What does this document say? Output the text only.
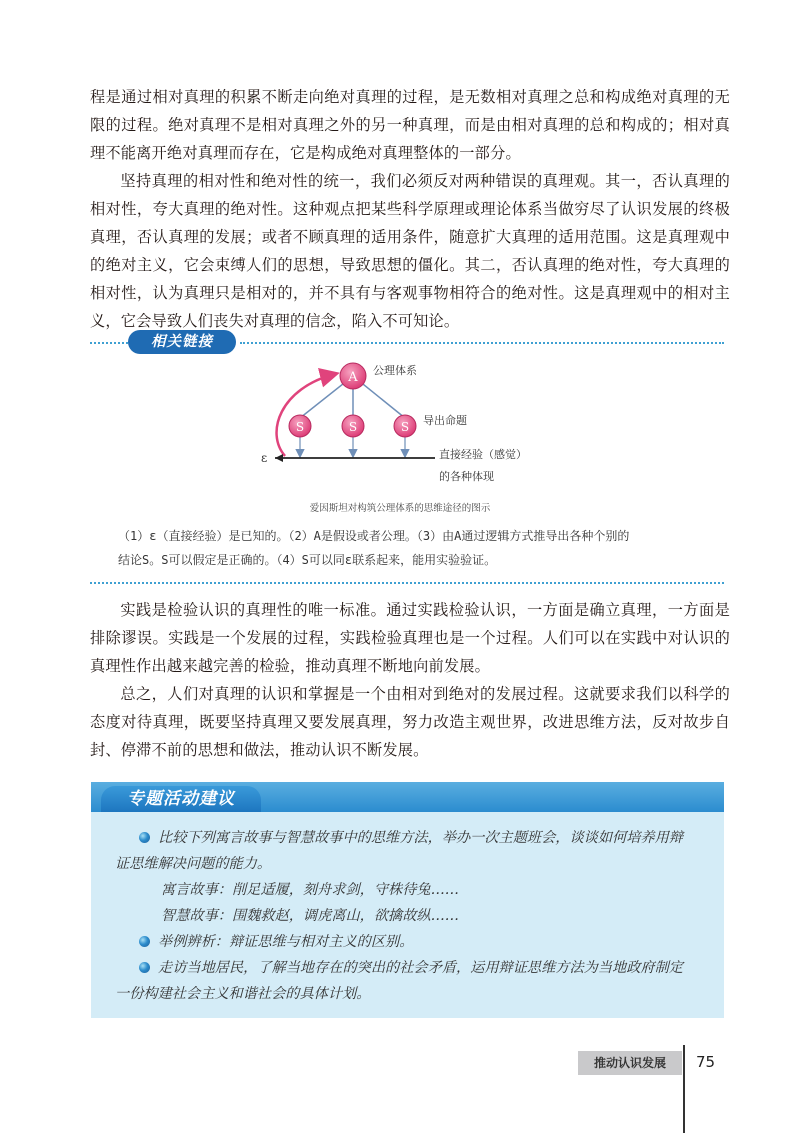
程是通过相对真理的积累不断走向绝对真理的过程，是无数相对真理之总和构成绝对真理的无限的过程。绝对真理不是相对真理之外的另一种真理，而是由相对真理的总和构成的；相对真理不能离开绝对真理而存在，它是构成绝对真理整体的一部分。

坚持真理的相对性和绝对性的统一，我们必须反对两种错误的真理观。其一，否认真理的相对性，夸大真理的绝对性。这种观点把某些科学原理或理论体系当做穷尽了认识发展的终极真理，否认真理的发展；或者不顾真理的适用条件，随意扩大真理的适用范围。这是真理观中的绝对主义，它会束缚人们的思想，导致思想的僵化。其二，否认真理的绝对性，夸大真理的相对性，认为真理只是相对的，并不具有与客观事物相符合的绝对性。这是真理观中的相对主义，它会导致人们丧失对真理的信念，陷入不可知论。

相关链接
A
S	S	S
公理体系
导出命题
ε	直接经验（感觉）
的各种体现
爱因斯坦对构筑公理体系的思维途径的图示
（1）ε（直接经验）是已知的。（2）A是假设或者公理。（3）由A通过逻辑方式推导出各种个别的
结论S。S可以假定是正确的。（4）S可以同ε联系起来，能用实验验证。

实践是检验认识的真理性的唯一标准。通过实践检验认识，一方面是确立真理，一方面是排除谬误。实践是一个发展的过程，实践检验真理也是一个过程。人们可以在实践中对认识的真理性作出越来越完善的检验，推动真理不断地向前发展。

总之，人们对真理的认识和掌握是一个由相对到绝对的发展过程。这就要求我们以科学的态度对待真理，既要坚持真理又要发展真理，努力改造主观世界，改进思维方法，反对故步自封、停滞不前的思想和做法，推动认识不断发展。

专题活动建议
比较下列寓言故事与智慧故事中的思维方法，举办一次主题班会，谈谈如何培养用辩
证思维解决问题的能力。
寓言故事：削足适履，刻舟求剑，守株待兔……
智慧故事：围魏救赵，调虎离山，欲擒故纵……
举例辨析：辩证思维与相对主义的区别。
走访当地居民，了解当地存在的突出的社会矛盾，运用辩证思维方法为当地政府制定
一份构建社会主义和谐社会的具体计划。
推动认识发展	75
